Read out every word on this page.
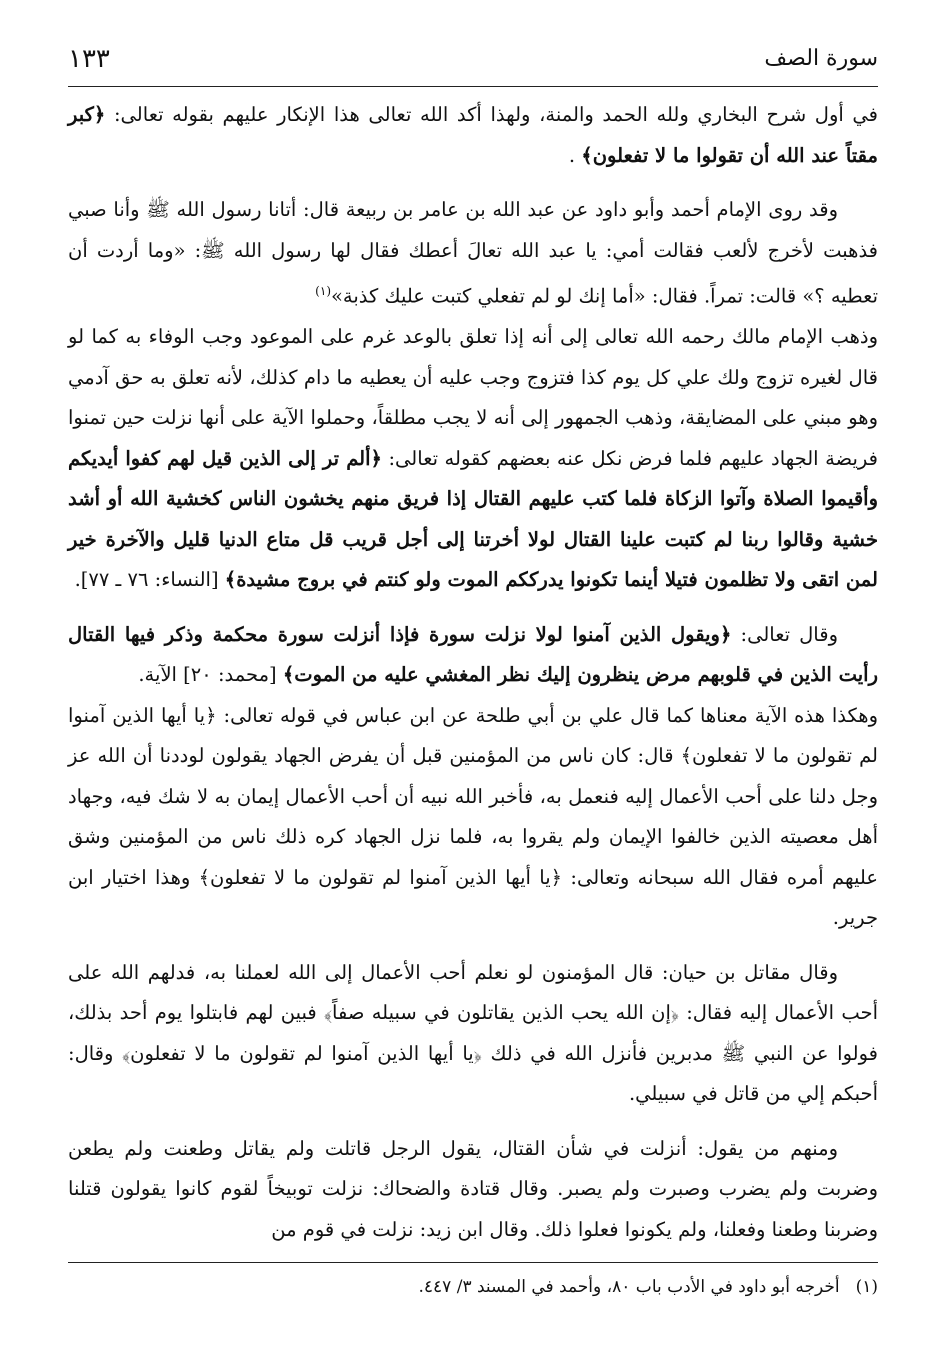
سورة الصف
١٣٣

في أول شرح البخاري ولله الحمد والمنة، ولهذا أكد الله تعالى هذا الإنكار عليهم بقوله تعالى: ﴿كبر مقتاً عند الله أن تقولوا ما لا تفعلون﴾ .

وقد روى الإمام أحمد وأبو داود عن عبد الله بن عامر بن ربيعة قال: أتانا رسول الله ﷺ وأنا صبي فذهبت لأخرج لألعب فقالت أمي: يا عبد الله تعالَ أعطك فقال لها رسول الله ﷺ: «وما أردت أن تعطيه ؟» قالت: تمراً. فقال: «أما إنك لو لم تفعلي كتبت عليك كذبة»$^{(١)}$

وذهب الإمام مالك رحمه الله تعالى إلى أنه إذا تعلق بالوعد غرم على الموعود وجب الوفاء به كما لو قال لغيره تزوج ولك علي كل يوم كذا فتزوج وجب عليه أن يعطيه ما دام كذلك، لأنه تعلق به حق آدمي وهو مبني على المضايقة، وذهب الجمهور إلى أنه لا يجب مطلقاً، وحملوا الآية على أنها نزلت حين تمنوا فريضة الجهاد عليهم فلما فرض نكل عنه بعضهم كقوله تعالى: ﴿ألم تر إلى الذين قيل لهم كفوا أيديكم وأقيموا الصلاة وآتوا الزكاة فلما كتب عليهم القتال إذا فريق منهم يخشون الناس كخشية الله أو أشد خشية وقالوا ربنا لم كتبت علينا القتال لولا أخرتنا إلى أجل قريب قل متاع الدنيا قليل والآخرة خير لمن اتقى ولا تظلمون فتيلا أينما تكونوا يدرككم الموت ولو كنتم في بروج مشيدة﴾ [النساء: ٧٦ ـ ٧٧].

وقال تعالى: ﴿ويقول الذين آمنوا لولا نزلت سورة فإذا أنزلت سورة محكمة وذكر فيها القتال رأيت الذين في قلوبهم مرض ينظرون إليك نظر المغشي عليه من الموت﴾ [محمد: ٢٠] الآية.

وهكذا هذه الآية معناها كما قال علي بن أبي طلحة عن ابن عباس في قوله تعالى: ﴿يا أيها الذين آمنوا لم تقولون ما لا تفعلون﴾ قال: كان ناس من المؤمنين قبل أن يفرض الجهاد يقولون لوددنا أن الله عز وجل دلنا على أحب الأعمال إليه فنعمل به، فأخبر الله نبيه أن أحب الأعمال إيمان به لا شك فيه، وجهاد أهل معصيته الذين خالفوا الإيمان ولم يقروا به، فلما نزل الجهاد كره ذلك ناس من المؤمنين وشق عليهم أمره فقال الله سبحانه وتعالى: ﴿يا أيها الذين آمنوا لم تقولون ما لا تفعلون﴾ وهذا اختيار ابن جرير.

وقال مقاتل بن حيان: قال المؤمنون لو نعلم أحب الأعمال إلى الله لعملنا به، فدلهم الله على أحب الأعمال إليه فقال: ﴿إن الله يحب الذين يقاتلون في سبيله صفاً﴾ فبين لهم فابتلوا يوم أحد بذلك، فولوا عن النبي ﷺ مدبرين فأنزل الله في ذلك ﴿يا أيها الذين آمنوا لم تقولون ما لا تفعلون﴾ وقال: أحبكم إلي من قاتل في سبيلي.

ومنهم من يقول: أنزلت في شأن القتال، يقول الرجل قاتلت ولم يقاتل وطعنت ولم يطعن وضربت ولم يضرب وصبرت ولم يصبر. وقال قتادة والضحاك: نزلت توبيخاً لقوم كانوا يقولون قتلنا وضربنا وطعنا وفعلنا، ولم يكونوا فعلوا ذلك. وقال ابن زيد: نزلت في قوم من

(١)أخرجه أبو داود في الأدب باب ٨٠، وأحمد في المسند ٣/ ٤٤٧.
